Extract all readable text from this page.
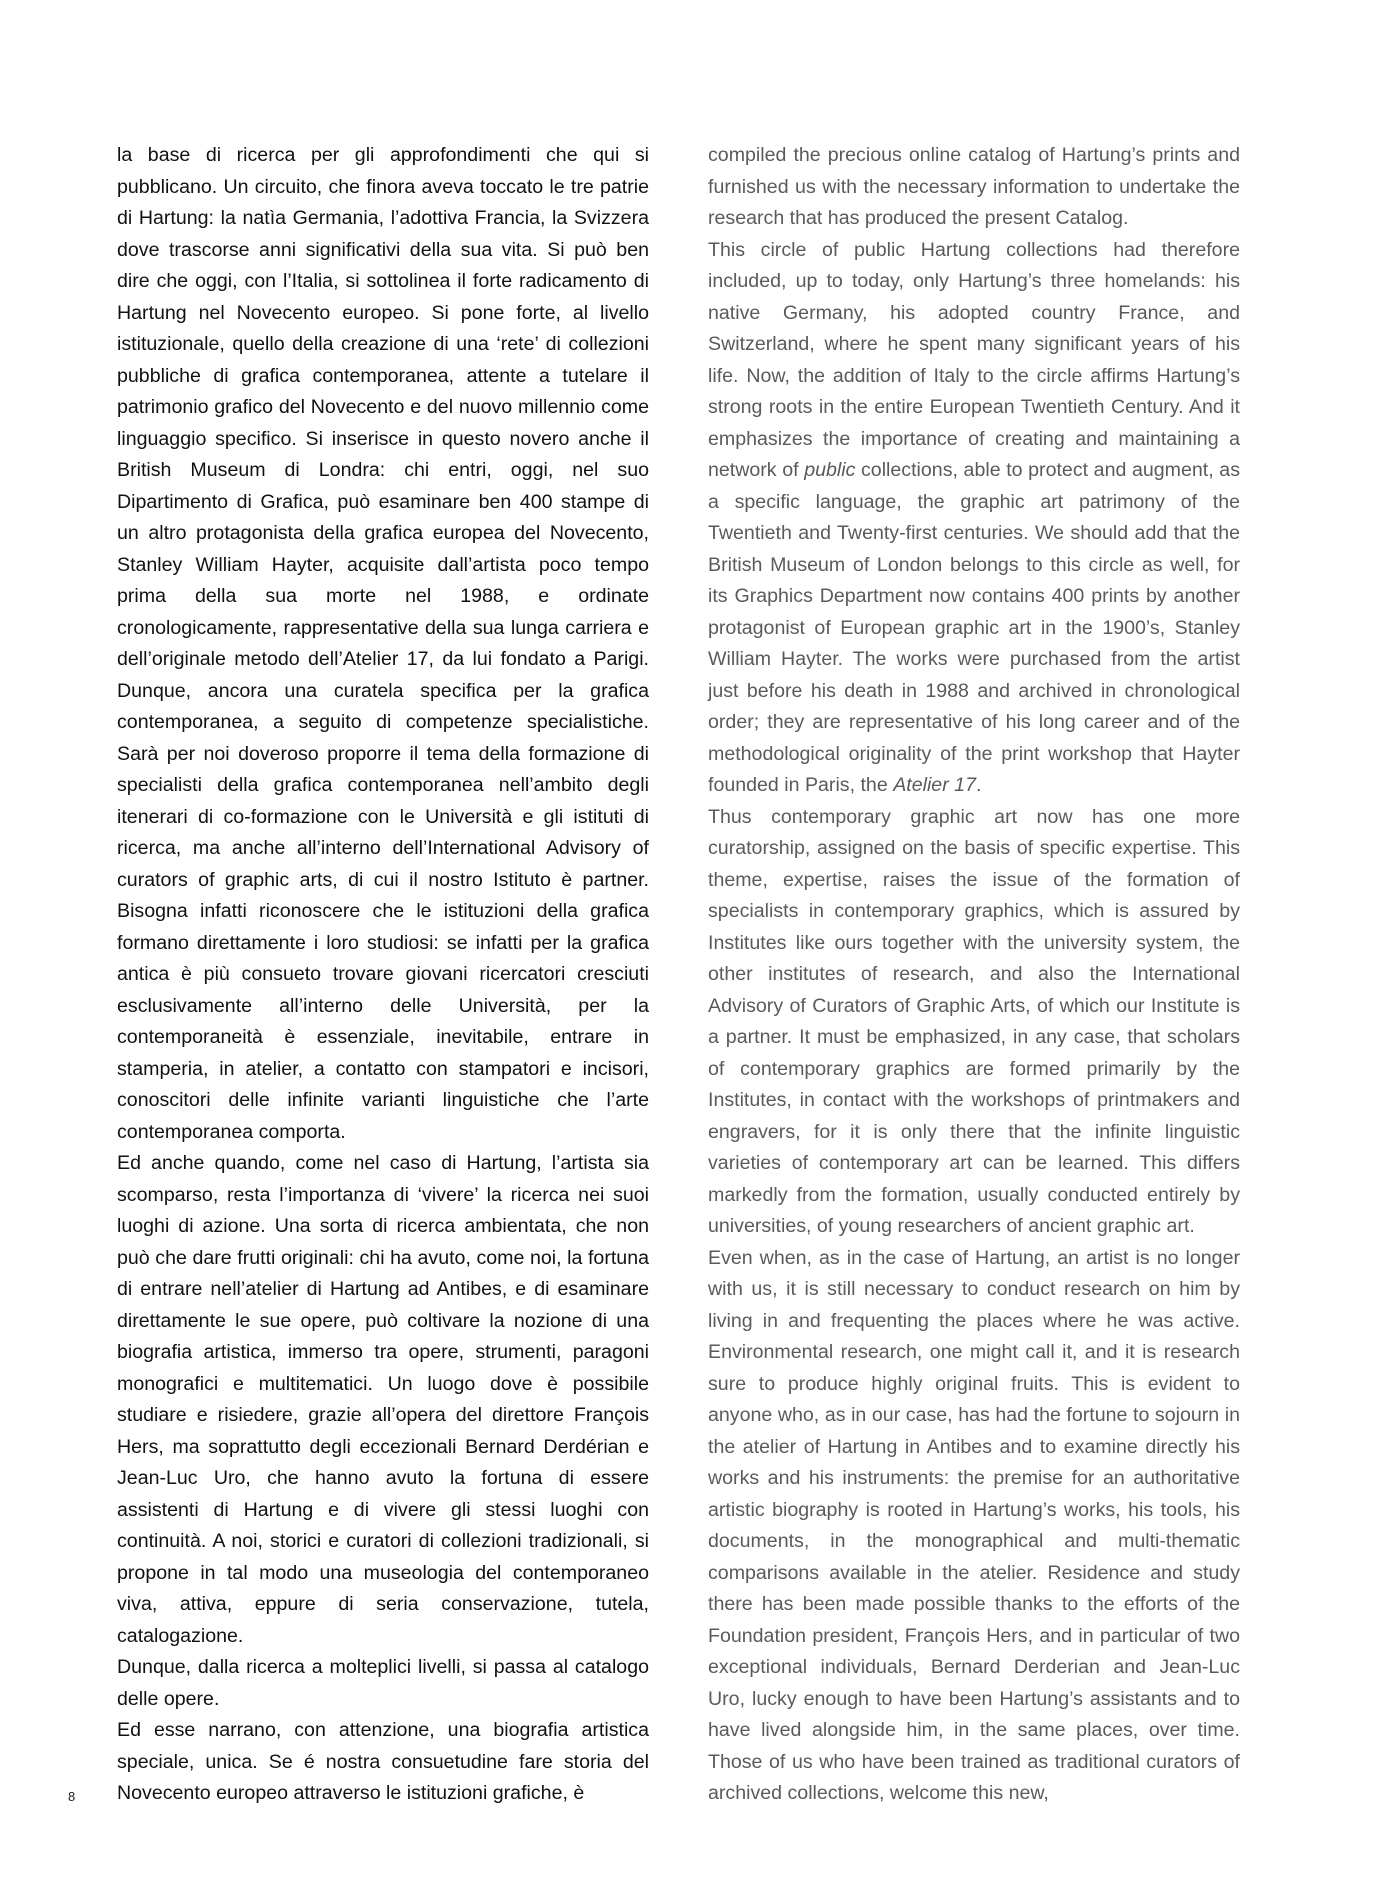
la base di ricerca per gli approfondimenti che qui si pubblicano. Un circuito, che finora aveva toccato le tre patrie di Hartung: la natìa Germania, l’adottiva Francia, la Svizzera dove trascorse anni significativi della sua vita. Si può ben dire che oggi, con l’Italia, si sottolinea il forte radicamento di Hartung nel Novecento europeo. Si pone forte, al livello istituzionale, quello della creazione di una ‘rete’ di collezioni pubbliche di grafica contemporanea, attente a tutelare il patrimonio grafico del Novecento e del nuovo millennio come linguaggio specifico. Si inserisce in questo novero anche il British Museum di Londra: chi entri, oggi, nel suo Dipartimento di Grafica, può esaminare ben 400 stampe di un altro protagonista della grafica europea del Novecento, Stanley William Hayter, acquisite dall’artista poco tempo prima della sua morte nel 1988, e ordinate cronologicamente, rappresentative della sua lunga carriera e dell’originale metodo dell’Atelier 17, da lui fondato a Parigi. Dunque, ancora una curatela specifica per la grafica contemporanea, a seguito di competenze specialistiche. Sarà per noi doveroso proporre il tema della formazione di specialisti della grafica contemporanea nell’ambito degli itenerari di co-formazione con le Università e gli istituti di ricerca, ma anche all’interno dell’International Advisory of curators of graphic arts, di cui il nostro Istituto è partner. Bisogna infatti riconoscere che le istituzioni della grafica formano direttamente i loro studiosi: se infatti per la grafica antica è più consueto trovare giovani ricercatori cresciuti esclusivamente all’interno delle Università, per la contemporaneità è essenziale, inevitabile, entrare in stamperia, in atelier, a contatto con stampatori e incisori, conoscitori delle infinite varianti linguistiche che l’arte contemporanea comporta.

Ed anche quando, come nel caso di Hartung, l’artista sia scomparso, resta l’importanza di ‘vivere’ la ricerca nei suoi luoghi di azione. Una sorta di ricerca ambientata, che non può che dare frutti originali: chi ha avuto, come noi, la fortuna di entrare nell’atelier di Hartung ad Antibes, e di esaminare direttamente le sue opere, può coltivare la nozione di una biografia artistica, immerso tra opere, strumenti, paragoni monografici e multitematici. Un luogo dove è possibile studiare e risiedere, grazie all’opera del direttore François Hers, ma soprattutto degli eccezionali Bernard Derdérian e Jean-Luc Uro, che hanno avuto la fortuna di essere assistenti di Hartung e di vivere gli stessi luoghi con continuità. A noi, storici e curatori di collezioni tradizionali, si propone in tal modo una museologia del contemporaneo viva, attiva, eppure di seria conservazione, tutela, catalogazione.

Dunque, dalla ricerca a molteplici livelli, si passa al catalogo delle opere.

Ed esse narrano, con attenzione, una biografia artistica speciale, unica. Se é nostra consuetudine fare storia del Novecento europeo attraverso le istituzioni grafiche, è

compiled the precious online catalog of Hartung’s prints and furnished us with the necessary information to undertake the research that has produced the present Catalog.

This circle of public Hartung collections had therefore included, up to today, only Hartung’s three homelands: his native Germany, his adopted country France, and Switzerland, where he spent many significant years of his life. Now, the addition of Italy to the circle affirms Hartung’s strong roots in the entire European Twentieth Century. And it emphasizes the importance of creating and maintaining a network of public collections, able to protect and augment, as a specific language, the graphic art patrimony of the Twentieth and Twenty-first centuries. We should add that the British Museum of London belongs to this circle as well, for its Graphics Department now contains 400 prints by another protagonist of European graphic art in the 1900’s, Stanley William Hayter. The works were purchased from the artist just before his death in 1988 and archived in chronological order; they are representative of his long career and of the methodological originality of the print workshop that Hayter founded in Paris, the Atelier 17.

Thus contemporary graphic art now has one more curatorship, assigned on the basis of specific expertise. This theme, expertise, raises the issue of the formation of specialists in contemporary graphics, which is assured by Institutes like ours together with the university system, the other institutes of research, and also the International Advisory of Curators of Graphic Arts, of which our Institute is a partner. It must be emphasized, in any case, that scholars of contemporary graphics are formed primarily by the Institutes, in contact with the workshops of printmakers and engravers, for it is only there that the infinite linguistic varieties of contemporary art can be learned. This differs markedly from the formation, usually conducted entirely by universities, of young researchers of ancient graphic art.

Even when, as in the case of Hartung, an artist is no longer with us, it is still necessary to conduct research on him by living in and frequenting the places where he was active. Environmental research, one might call it, and it is research sure to produce highly original fruits. This is evident to anyone who, as in our case, has had the fortune to sojourn in the atelier of Hartung in Antibes and to examine directly his works and his instruments: the premise for an authoritative artistic biography is rooted in Hartung’s works, his tools, his documents, in the monographical and multi-thematic comparisons available in the atelier. Residence and study there has been made possible thanks to the efforts of the Foundation president, François Hers, and in particular of two exceptional individuals, Bernard Derderian and Jean-Luc Uro, lucky enough to have been Hartung’s assistants and to have lived alongside him, in the same places, over time. Those of us who have been trained as traditional curators of archived collections, welcome this new,

8
